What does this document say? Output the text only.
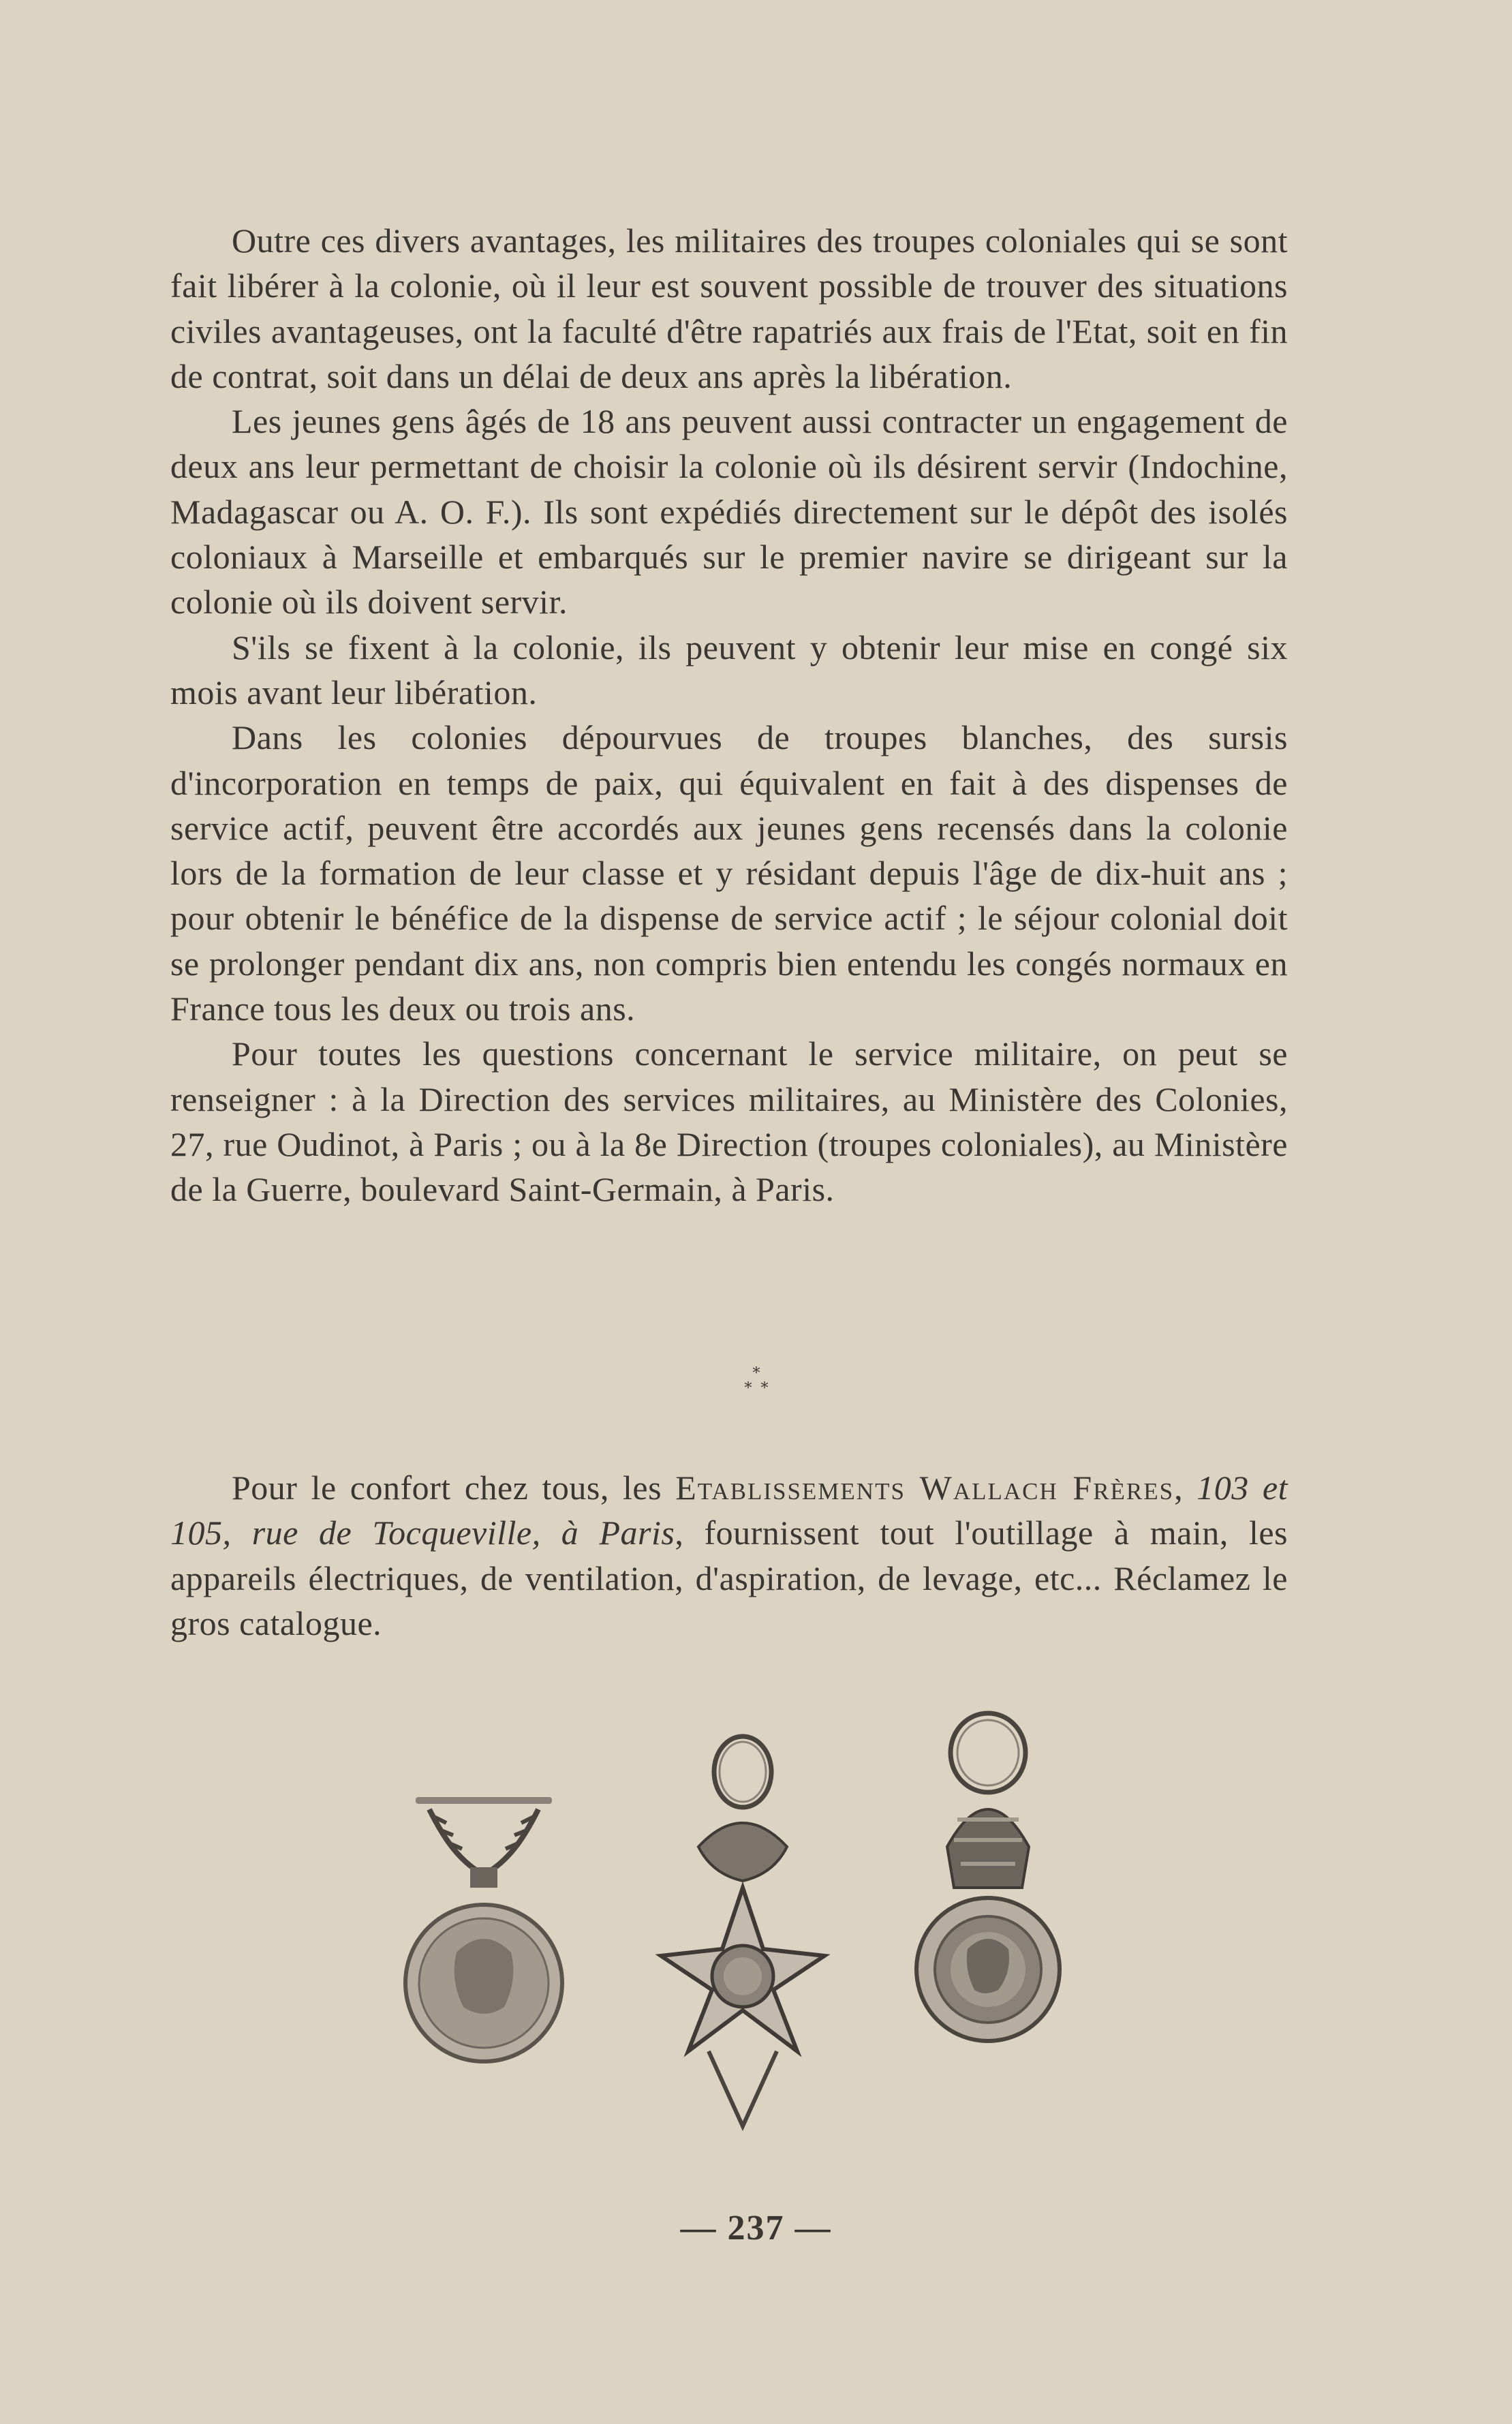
Outre ces divers avantages, les militaires des troupes coloniales qui se sont fait libérer à la colonie, où il leur est souvent possible de trouver des situations civiles avantageuses, ont la faculté d'être rapatriés aux frais de l'Etat, soit en fin de contrat, soit dans un délai de deux ans après la libération.

Les jeunes gens âgés de 18 ans peuvent aussi contracter un engagement de deux ans leur permettant de choisir la colonie où ils désirent servir (Indochine, Madagascar ou A. O. F.). Ils sont expédiés directement sur le dépôt des isolés coloniaux à Marseille et embarqués sur le premier navire se dirigeant sur la colonie où ils doivent servir.

S'ils se fixent à la colonie, ils peuvent y obtenir leur mise en congé six mois avant leur libération.

Dans les colonies dépourvues de troupes blanches, des sursis d'incorporation en temps de paix, qui équivalent en fait à des dispenses de service actif, peuvent être accordés aux jeunes gens recensés dans la colonie lors de la formation de leur classe et y résidant depuis l'âge de dix-huit ans ; pour obtenir le bénéfice de la dispense de service actif ; le séjour colonial doit se prolonger pendant dix ans, non compris bien entendu les congés normaux en France tous les deux ou trois ans.

Pour toutes les questions concernant le service militaire, on peut se renseigner : à la Direction des services militaires, au Ministère des Colonies, 27, rue Oudinot, à Paris ; ou à la 8e Direction (troupes coloniales), au Ministère de la Guerre, boulevard Saint-Germain, à Paris.

*
* *

Pour le confort chez tous, les Etablissements Wallach Frères, 103 et 105, rue de Tocqueville, à Paris, fournissent tout l'outillage à main, les appareils électriques, de ventilation, d'aspiration, de levage, etc... Réclamez le gros catalogue.

— 237 —
